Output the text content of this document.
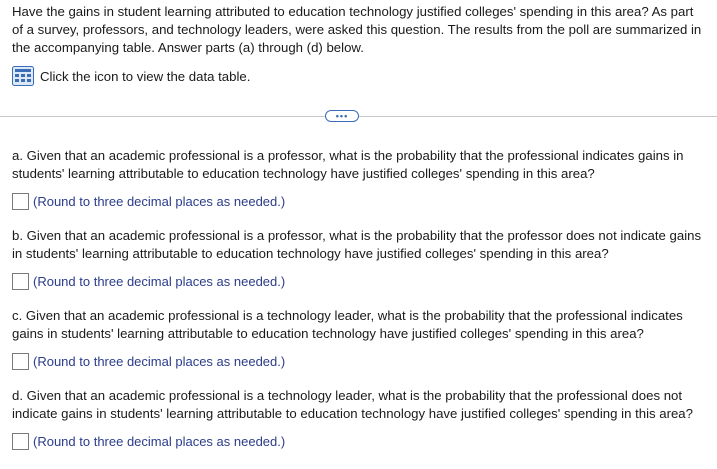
Have the gains in student learning attributed to education technology justified colleges' spending in this area? As part of a survey, professors, and technology leaders, were asked this question. The results from the poll are summarized in the accompanying table. Answer parts (a) through (d) below.
Click the icon to view the data table.
•••
a. Given that an academic professional is a professor, what is the probability that the professional indicates gains in students' learning attributable to education technology have justified colleges' spending in this area?
(Round to three decimal places as needed.)
b. Given that an academic professional is a professor, what is the probability that the professor does not indicate gains in students' learning attributable to education technology have justified colleges' spending in this area?
(Round to three decimal places as needed.)
c. Given that an academic professional is a technology leader, what is the probability that the professional indicates gains in students' learning attributable to education technology have justified colleges' spending in this area?
(Round to three decimal places as needed.)
d. Given that an academic professional is a technology leader, what is the probability that the professional does not indicate gains in students' learning attributable to education technology have justified colleges' spending in this area?
(Round to three decimal places as needed.)
